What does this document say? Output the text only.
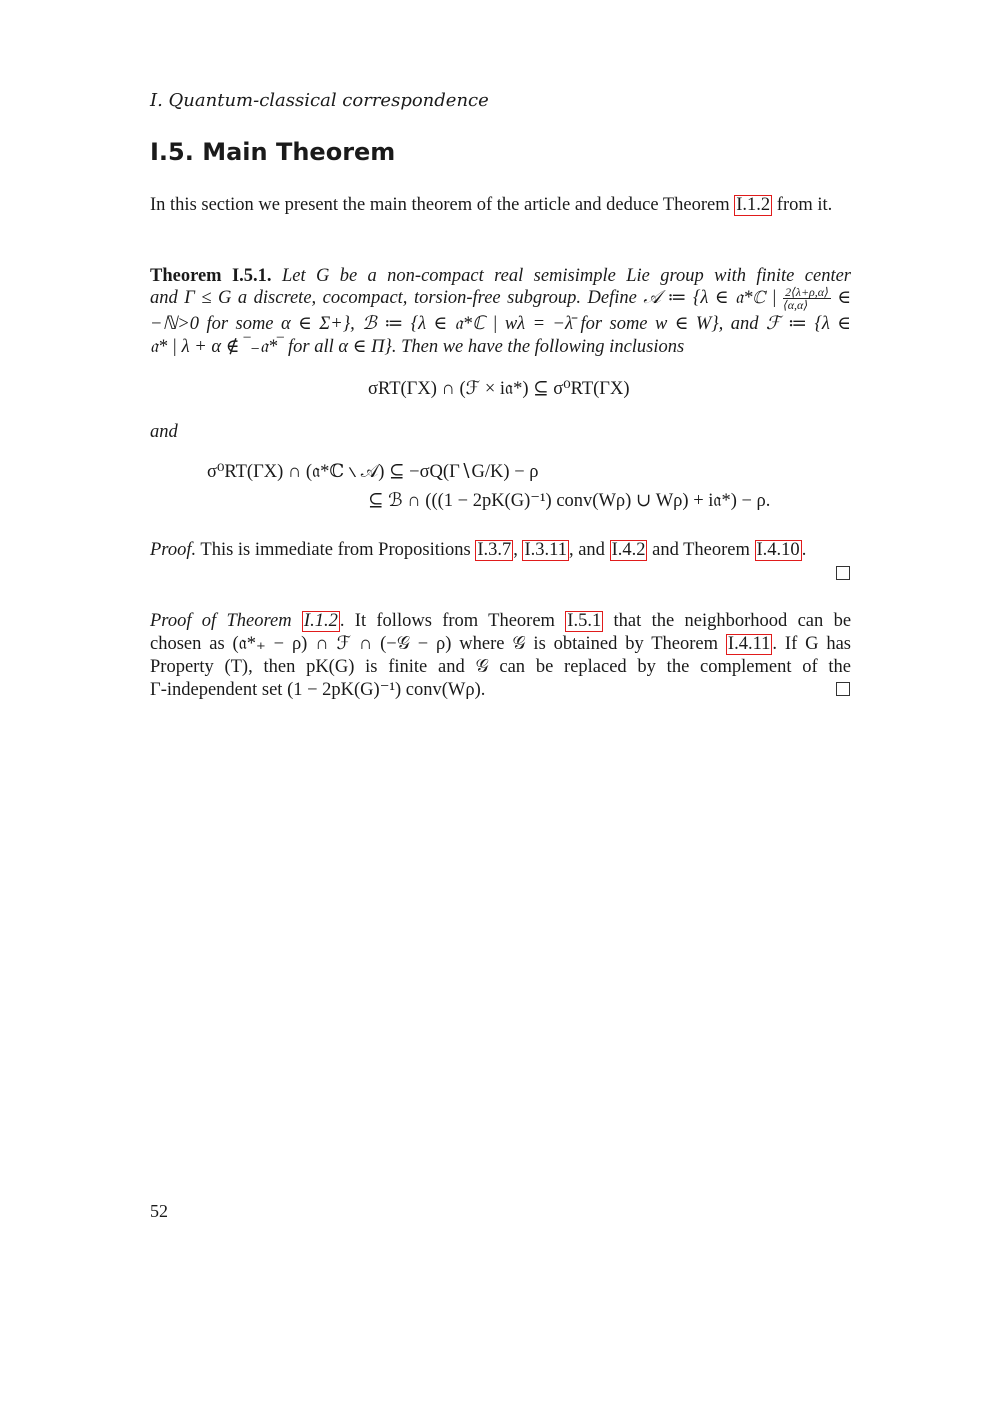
I. Quantum-classical correspondence
I.5. Main Theorem
In this section we present the main theorem of the article and deduce Theorem I.1.2 from it.
Theorem I.5.1. Let G be a non-compact real semisimple Lie group with finite center
and Γ ≤ G a discrete, cocompact, torsion-free subgroup. Define 𝒜 ≔ {λ ∈ 𝔞*ℂ | $\frac{2⟨\lambda+\rho,\alpha⟩}{⟨\alpha,\alpha⟩}$ ∈
−ℕ>0 for some α ∈ Σ+}, ℬ ≔ {λ ∈ 𝔞*ℂ | wλ = −λ̄ for some w ∈ W}, and ℱ ≔ {λ ∈
𝔞* | λ + α ∉ ‾₋𝔞*‾ for all α ∈ Π}. Then we have the following inclusions
σRT(ΓX) ∩ (ℱ × i𝔞*) ⊆ σ⁰RT(ΓX)
and
σ⁰RT(ΓX) ∩ (𝔞*ℂ ∖ 𝒜) ⊆ −σQ(Γ∖G/K) − ρ
⊆ ℬ ∩ (((1 − 2pK(G)⁻¹) conv(Wρ) ∪ Wρ) + i𝔞*) − ρ.
Proof. This is immediate from Propositions I.3.7 , I.3.11 , and I.4.2 and Theorem I.4.10 .
Proof of Theorem I.1.2 . It follows from Theorem I.5.1 that the neighborhood can be
chosen as (𝔞*₊ − ρ) ∩ ℱ ∩ (−𝒢 − ρ) where 𝒢 is obtained by Theorem I.4.11 . If G has
Property (T), then pK(G) is finite and 𝒢 can be replaced by the complement of the
Γ-independent set (1 − 2pK(G)⁻¹) conv(Wρ).
52
